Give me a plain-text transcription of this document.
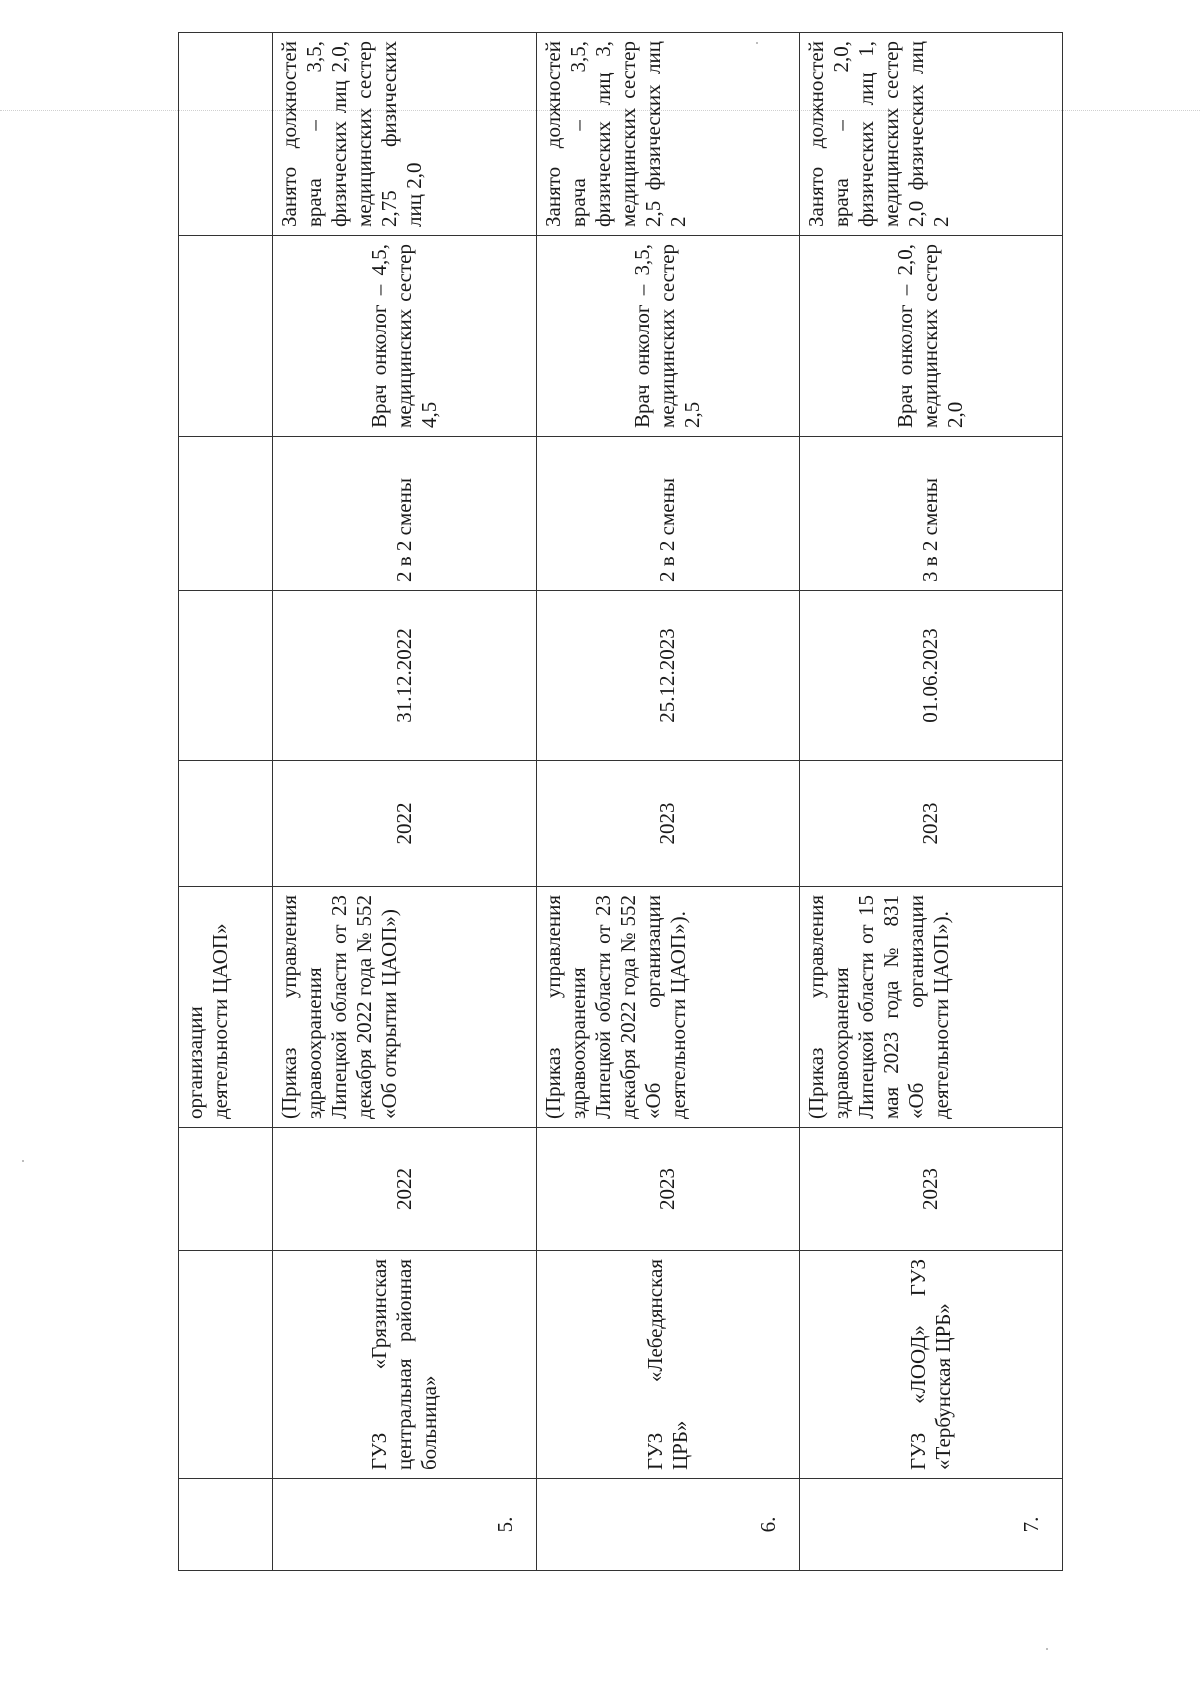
			организации деятельности ЦАОП»					
5.	ГУЗ «Грязинская центральная районная больница»	2022	(Приказ управления здравоохранения Липецкой области от 23 декабря 2022 года № 552 «Об открытии ЦАОП»)	2022	31.12.2022	2 в 2 смены	Врач онколог – 4,5, медицинских сестер 4,5	Занято должностей врача – 3,5, физических лиц 2,0, медицинских сестер 2,75 физических лиц 2,0
6.	ГУЗ «Лебедянская ЦРБ»	2023	(Приказ управления здравоохранения Липецкой области от 23 декабря 2022 года № 552 «Об организации деятельности ЦАОП»).	2023	25.12.2023	2 в 2 смены	Врач онколог – 3,5, медицинских сестер 2,5	Занято должностей врача – 3,5, физических лиц 3, медицинских сестер 2,5 физических лиц 2
7.	ГУЗ «ЛООД» ГУЗ «Тербунская ЦРБ»	2023	(Приказ управления здравоохранения Липецкой области от 15 мая 2023 года № 831 «Об организации деятельности ЦАОП»).	2023	01.06.2023	3 в 2 смены	Врач онколог – 2,0, медицинских сестер 2,0	Занято должностей врача – 2,0, физических лиц 1, медицинских сестер 2,0 физических лиц 2
